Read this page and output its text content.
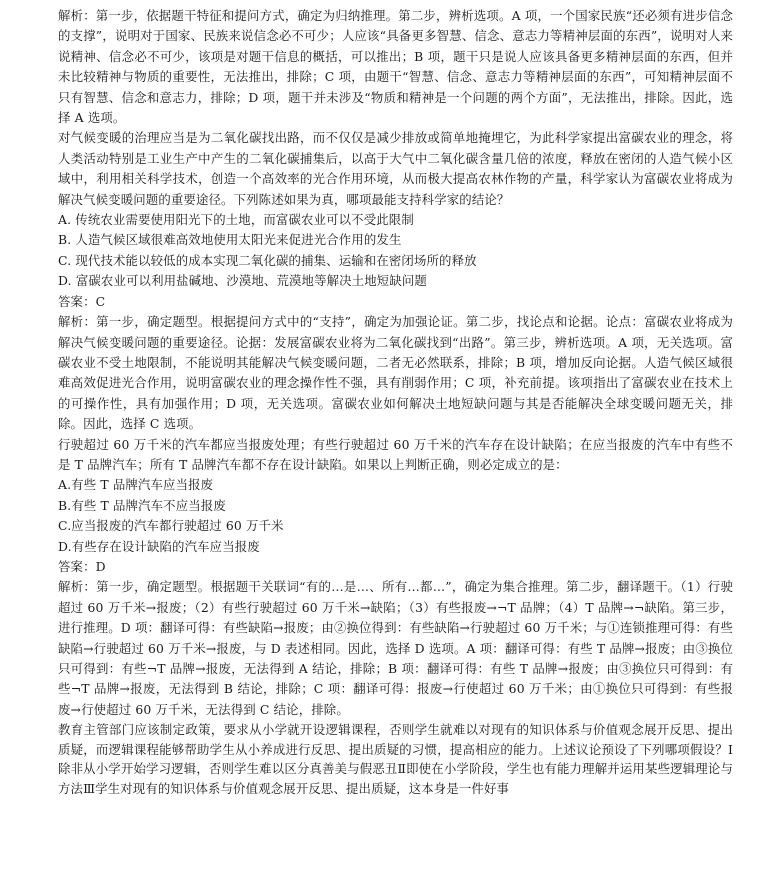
解析：第一步，依据题干特征和提问方式，确定为归纳推理。第二步，辨析选项。A 项，一个国家民族“还必须有进步信念的支撑”，说明对于国家、民族来说信念必不可少；人应该“具备更多智慧、信念、意志力等精神层面的东西”，说明对人来说精神、信念必不可少，该项是对题干信息的概括，可以推出；B 项，题干只是说人应该具备更多精神层面的东西，但并未比较精神与物质的重要性，无法推出，排除；C 项，由题干“智慧、信念、意志力等精神层面的东西”，可知精神层面不只有智慧、信念和意志力，排除；D 项，题干并未涉及“物质和精神是一个问题的两个方面”，无法推出，排除。因此，选择 A 选项。

对气候变暖的治理应当是为二氧化碳找出路，而不仅仅是减少排放或简单地掩埋它，为此科学家提出富碳农业的理念，将人类活动特别是工业生产中产生的二氧化碳捕集后，以高于大气中二氧化碳含量几倍的浓度，释放在密闭的人造气候小区域中，利用相关科学技术，创造一个高效率的光合作用环境，从而极大提高农林作物的产量，科学家认为富碳农业将成为解决气候变暖问题的重要途径。下列陈述如果为真，哪项最能支持科学家的结论？

A. 传统农业需要使用阳光下的土地，而富碳农业可以不受此限制

B. 人造气候区域很难高效地使用太阳光来促进光合作用的发生

C. 现代技术能以较低的成本实现二氧化碳的捕集、运输和在密闭场所的释放

D. 富碳农业可以利用盐碱地、沙漠地、荒漠地等解决土地短缺问题

答案：C

解析：第一步，确定题型。根据提问方式中的“支持”，确定为加强论证。第二步，找论点和论据。论点：富碳农业将成为解决气候变暖问题的重要途径。论据：发展富碳农业将为二氧化碳找到“出路”。第三步，辨析选项。A 项，无关选项。富碳农业不受土地限制，不能说明其能解决气候变暖问题，二者无必然联系，排除；B 项，增加反向论据。人造气候区域很难高效促进光合作用，说明富碳农业的理念操作性不强，具有削弱作用；C 项，补充前提。该项指出了富碳农业在技术上的可操作性，具有加强作用；D 项，无关选项。富碳农业如何解决土地短缺问题与其是否能解决全球变暖问题无关，排除。因此，选择 C 选项。

行驶超过 60 万千米的汽车都应当报废处理；有些行驶超过 60 万千米的汽车存在设计缺陷；在应当报废的汽车中有些不是 T 品牌汽车；所有 T 品牌汽车都不存在设计缺陷。如果以上判断正确，则必定成立的是：

A.有些 T 品牌汽车应当报废

B.有些 T 品牌汽车不应当报废

C.应当报废的汽车都行驶超过 60 万千米

D.有些存在设计缺陷的汽车应当报废

答案：D

解析：第一步，确定题型。根据题干关联词“有的…是…、所有…都…”，确定为集合推理。第二步，翻译题干。（1）行驶超过 60 万千米→报废；（2）有些行驶超过 60 万千米→缺陷；（3）有些报废→¬T 品牌；（4）T 品牌→¬缺陷。第三步，进行推理。D 项：翻译可得：有些缺陷→报废；由②换位得到：有些缺陷→行驶超过 60 万千米；与①连锁推理可得：有些缺陷→行驶超过 60 万千米→报废，与 D 表述相同。因此，选择 D 选项。A 项：翻译可得：有些 T 品牌→报废；由③换位只可得到：有些¬T 品牌→报废，无法得到 A 结论，排除；B 项：翻译可得：有些 T 品牌→报废；由③换位只可得到：有些¬T 品牌→报废，无法得到 B 结论，排除；C 项：翻译可得：报废→行使超过 60 万千米；由①换位只可得到：有些报废→行使超过 60 万千米，无法得到 C 结论，排除。

教育主管部门应该制定政策，要求从小学就开设逻辑课程，否则学生就难以对现有的知识体系与价值观念展开反思、提出质疑，而逻辑课程能够帮助学生从小养成进行反思、提出质疑的习惯，提高相应的能力。上述议论预设了下列哪项假设？Ⅰ除非从小学开始学习逻辑，否则学生难以区分真善美与假恶丑Ⅱ即使在小学阶段，学生也有能力理解并运用某些逻辑理论与方法Ⅲ学生对现有的知识体系与价值观念展开反思、提出质疑，这本身是一件好事
